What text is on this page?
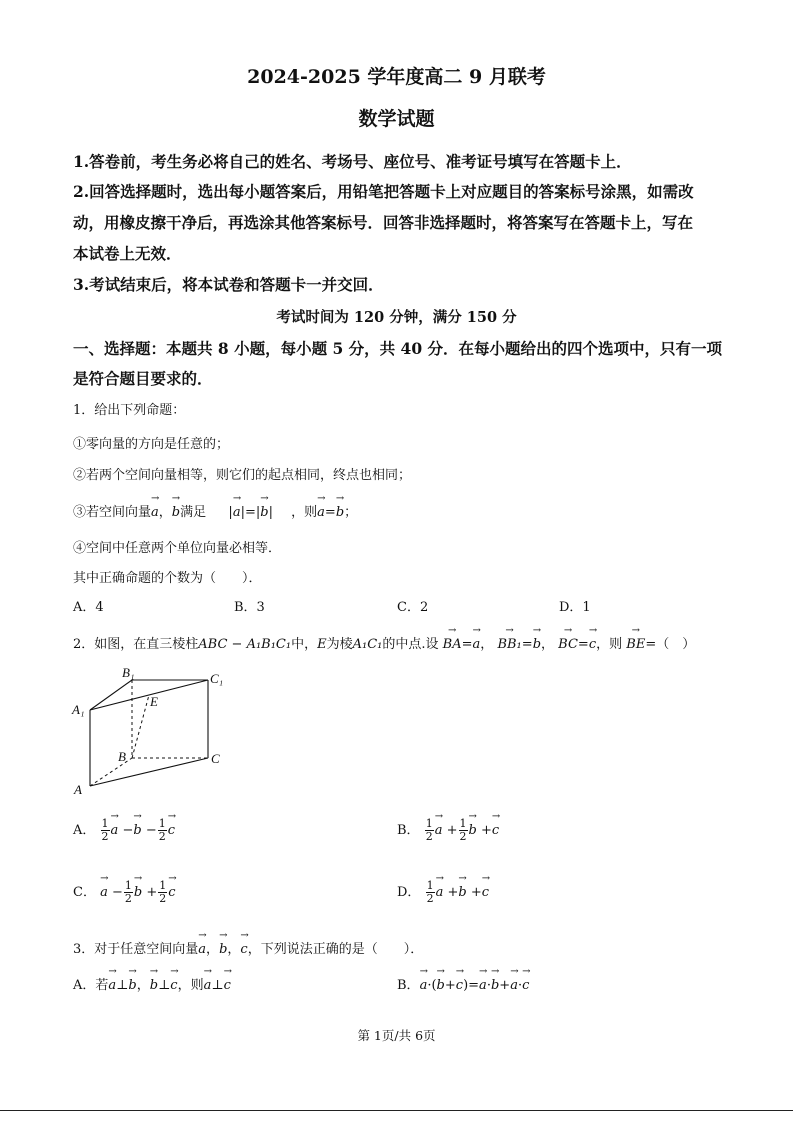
2024-2025 学年度高二 9 月联考
数学试题
1.答卷前，考生务必将自己的姓名、考场号、座位号、准考证号填写在答题卡上．
2.回答选择题时，选出每小题答案后，用铅笔把答题卡上对应题目的答案标号涂黑，如需改
动，用橡皮擦干净后，再选涂其他答案标号．回答非选择题时，将答案写在答题卡上，写在
本试卷上无效．
3.考试结束后，将本试卷和答题卡一并交回．
考试时间为 120 分钟，满分 150 分
一、选择题：本题共 8 小题，每小题 5 分，共 40 分．在每小题给出的四个选项中，只有一项
是符合题目要求的．
1．给出下列命题：
①零向量的方向是任意的；
②若两个空间向量相等，则它们的起点相同，终点也相同；
③若空间向量→ a，→ b满足 |→ a|=|→ b| ，则→ a=→ b；
④空间中任意两个单位向量必相等．
其中正确命题的个数为（　　）．
A．4	B．3	C．2	D．1
2．如图，在直三棱柱ABC − A₁B₁C₁中，E为棱A₁C₁的中点.设 → BA=→ a， → BB₁=→ b， → BC=→ c，则 → BE=（　）
A
B	C
A₁
B₁	C₁
E
A． $\frac{1}{2}$
→ $a -\to b - \frac{1}{2}$
→ c	B． $\frac{1}{2}$
→ $a + \frac{1}{2}$
→ b +→ c
C． → $a - \frac{1}{2}$
→ $b + \frac{1}{2}$
→ c	D． $\frac{1}{2}$
→ a +→ b +→ c
3．对于任意空间向量→ a，→ b，→ c，下列说法正确的是（　　）．
A．若→ a⊥→ b，→ b⊥→ c，则→ a⊥→ c	B．→ a·(→ b+→ c)=→ a·→ b+→ a·→ c
第 1页/共 6页
